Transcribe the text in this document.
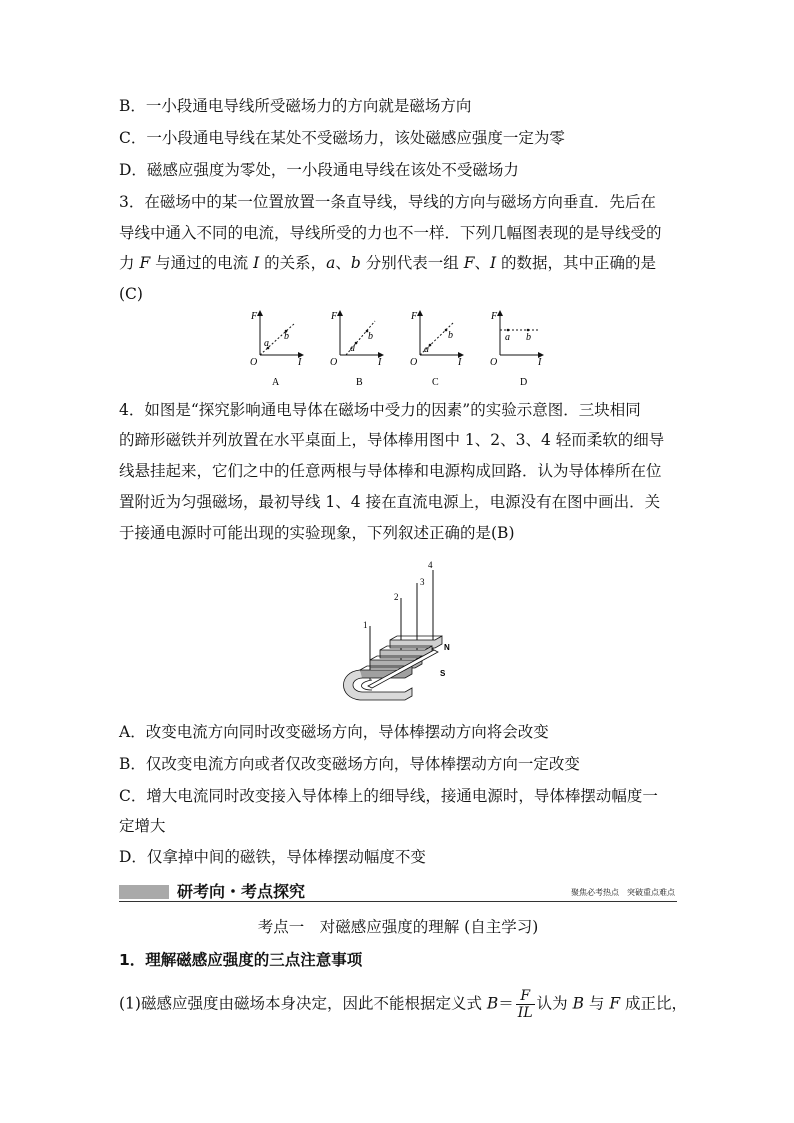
B．一小段通电导线所受磁场力的方向就是磁场方向
C．一小段通电导线在某处不受磁场力，该处磁感应强度一定为零
D．磁感应强度为零处，一小段通电导线在该处不受磁场力
3．在磁场中的某一位置放置一条直导线，导线的方向与磁场方向垂直．先后在
导线中通入不同的电流，导线所受的力也不一样．下列几幅图表现的是导线受的
力 F 与通过的电流 I 的关系，a、b 分别代表一组 F、I 的数据，其中正确的是
(C)
F
I
O
a
b
A
F
I
O
a
b
B
F
I
O
a
b
C
F
I
O
a b
D
4．如图是“探究影响通电导体在磁场中受力的因素”的实验示意图．三块相同
的蹄形磁铁并列放置在水平桌面上，导体棒用图中 1、2、3、4 轻而柔软的细导
线悬挂起来，它们之中的任意两根与导体棒和电源构成回路．认为导体棒所在位
置附近为匀强磁场，最初导线 1、4 接在直流电源上，电源没有在图中画出．关
于接通电源时可能出现的实验现象，下列叙述正确的是(B)
1
2
3
4
N
S
A．改变电流方向同时改变磁场方向，导体棒摆动方向将会改变
B．仅改变电流方向或者仅改变磁场方向，导体棒摆动方向一定改变
C．增大电流同时改变接入导体棒上的细导线，接通电源时，导体棒摆动幅度一
定增大
D．仅拿掉中间的磁铁，导体棒摆动幅度不变
研考向・考点探究	聚焦必考热点　突破重点难点
考点一　对磁感应强度的理解 (自主学习)
1．理解磁感应强度的三点注意事项
(1)磁感应强度由磁场本身决定，因此不能根据定义式 $B= \frac{F}{IL}$ 认为 B 与 F 成正比，
